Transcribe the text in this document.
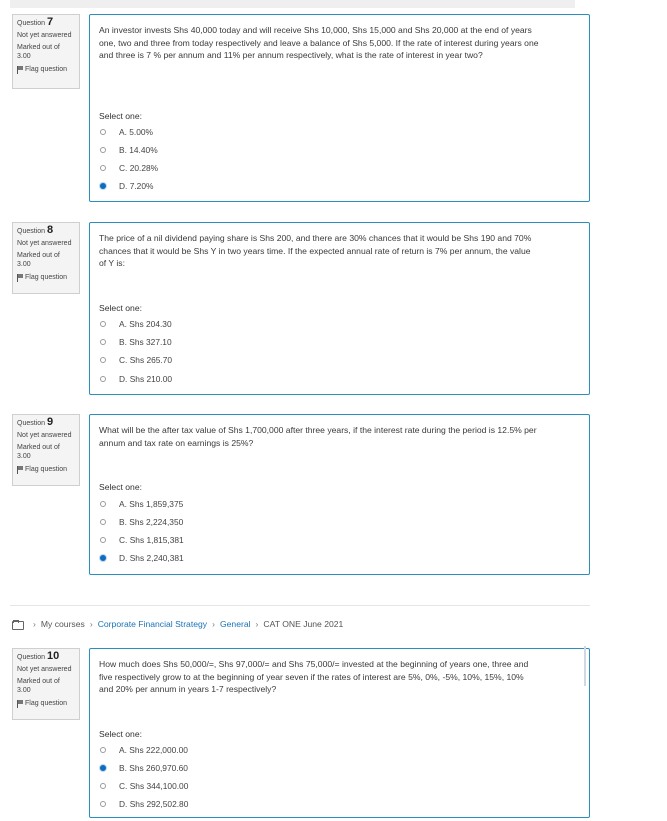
Question 7
Not yet answered
Marked out of
3.00
Flag question
An investor invests Shs 40,000 today and will receive Shs 10,000, Shs 15,000 and Shs 20,000 at the end of years one, two and three from today respectively and leave a balance of Shs 5,000. If the rate of interest during years one and three is 7 % per annum and 11% per annum respectively, what is the rate of interest in year two?
Select one:
A. 5.00%
B. 14.40%
C. 20.28%
D. 7.20%
Question 8
Not yet answered
Marked out of
3.00
Flag question
The price of a nil dividend paying share is Shs 200, and there are 30% chances that it would be Shs 190 and 70% chances that it would be Shs Y in two years time. If the expected annual rate of return is 7% per annum, the value of Y is:
Select one:
A. Shs 204.30
B. Shs 327.10
C. Shs 265.70
D. Shs 210.00
Question 9
Not yet answered
Marked out of
3.00
Flag question
What will be the after tax value of Shs 1,700,000 after three years, if the interest rate during the period is 12.5% per annum and tax rate on earnings is 25%?
Select one:
A. Shs 1,859,375
B. Shs 2,224,350
C. Shs 1,815,381
D. Shs 2,240,381
› My courses › Corporate Financial Strategy › General › CAT ONE June 2021
Question 10
Not yet answered
Marked out of
3.00
Flag question
How much does Shs 50,000/=, Shs 97,000/= and Shs 75,000/= invested at the beginning of years one, three and five respectively grow to at the beginning of year seven if the rates of interest are 5%, 0%, -5%, 10%, 15%, 10% and 20% per annum in years 1-7 respectively?
Select one:
A. Shs 222,000.00
B. Shs 260,970.60
C. Shs 344,100.00
D. Shs 292,502.80
